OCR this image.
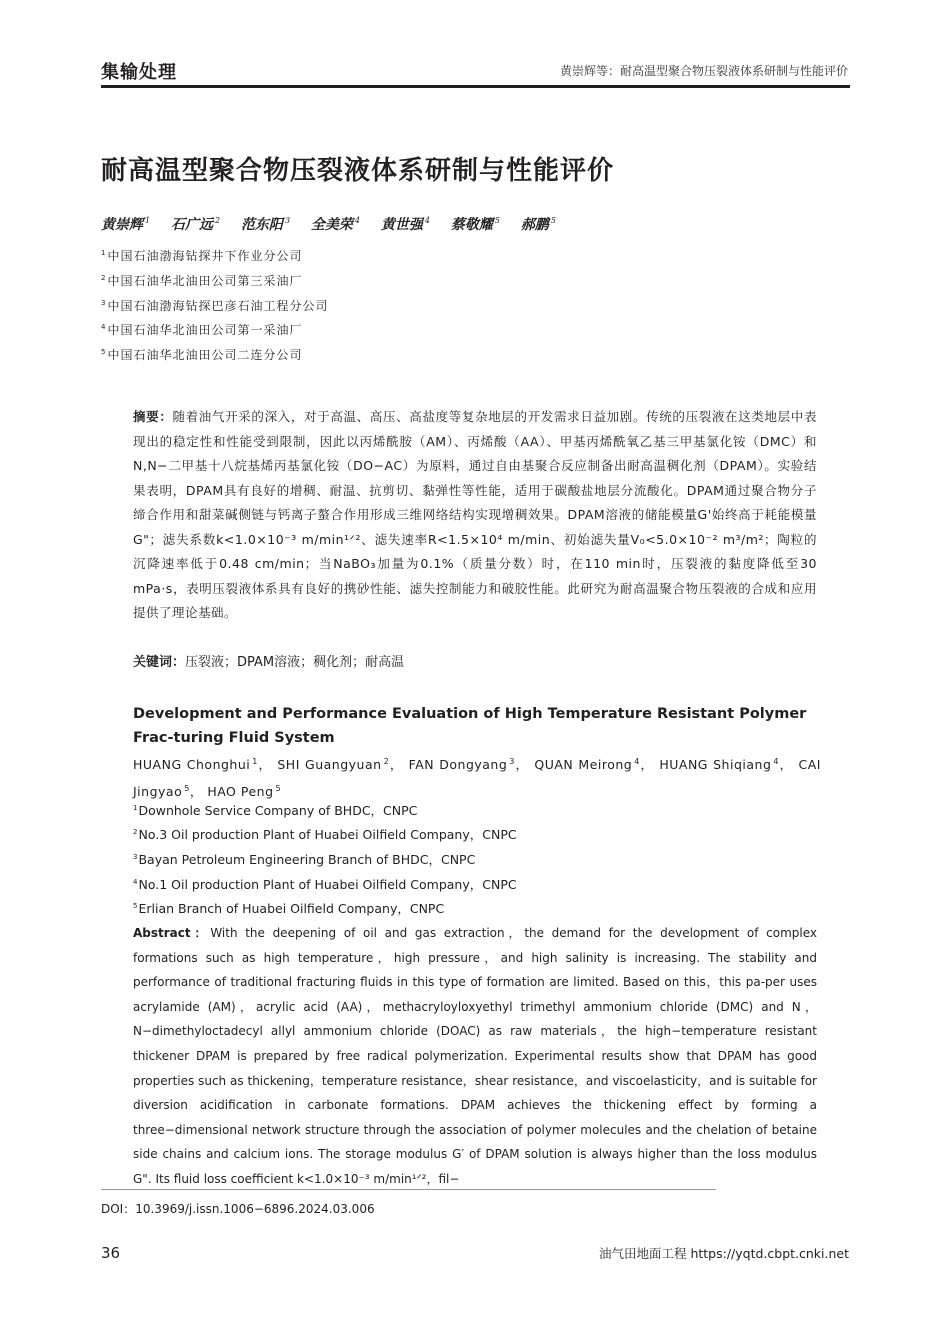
集输处理	黄崇辉等：耐高温型聚合物压裂液体系研制与性能评价
耐高温型聚合物压裂液体系研制与性能评价
黄崇辉 $^1$ 石广远 $^2$ 范东阳 $^3$ 全美荣 $^4$ 黄世强 $^4$ 蔡敬耀 $^5$ 郝鹏 $^5$
$^1$中国石油渤海钻探井下作业分公司
$^2$中国石油华北油田公司第三采油厂
$^3$中国石油渤海钻探巴彦石油工程分公司
$^4$中国石油华北油田公司第一采油厂
$^5$中国石油华北油田公司二连分公司
摘要：随着油气开采的深入，对于高温、高压、高盐度等复杂地层的开发需求日益加剧。传统的压裂液在这类地层中表现出的稳定性和性能受到限制，因此以丙烯酰胺（AM）、丙烯酸（AA）、甲基丙烯酰氧乙基三甲基氯化铵（DMC）和N,N−二甲基十八烷基烯丙基氯化铵（DO−AC）为原料，通过自由基聚合反应制备出耐高温稠化剂（DPAM）。实验结果表明，DPAM具有良好的增稠、耐温、抗剪切、黏弹性等性能，适用于碳酸盐地层分流酸化。DPAM通过聚合物分子缔合作用和甜菜碱侧链与钙离子螯合作用形成三维网络结构实现增稠效果。DPAM溶液的储能模量G'始终高于耗能模量G"；滤失系数k<1.0×10⁻³ m/min¹ᐟ²、滤失速率R<1.5×10⁴ m/min、初始滤失量V₀<5.0×10⁻² m³/m²；陶粒的沉降速率低于0.48 cm/min；当NaBO₃加量为0.1%（质量分数）时，在110 min时，压裂液的黏度降低至30 mPa·s，表明压裂液体系具有良好的携砂性能、滤失控制能力和破胶性能。此研究为耐高温聚合物压裂液的合成和应用提供了理论基础。
关键词：压裂液；DPAM溶液；稠化剂；耐高温
Development and Performance Evaluation of High Temperature Resistant Polymer Frac-turing Fluid System
HUANG Chonghui $^1$， SHI Guangyuan $^2$， FAN Dongyang $^3$， QUAN Meirong $^4$， HUANG Shiqiang $^4$， CAI Jingyao $^5$， HAO Peng $^5$
$^1$Downhole Service Company of BHDC，CNPC
$^2$No.3 Oil production Plant of Huabei Oilfield Company，CNPC
$^3$Bayan Petroleum Engineering Branch of BHDC，CNPC
$^4$No.1 Oil production Plant of Huabei Oilfield Company，CNPC
$^5$Erlian Branch of Huabei Oilfield Company，CNPC
Abstract：With the deepening of oil and gas extraction，the demand for the development of complex formations such as high temperature，high pressure，and high salinity is increasing. The stability and performance of traditional fracturing fluids in this type of formation are limited. Based on this，this pa-per uses acrylamide (AM)，acrylic acid (AA)，methacryloyloxyethyl trimethyl ammonium chloride (DMC) and N，N−dimethyloctadecyl allyl ammonium chloride (DOAC) as raw materials，the high−temperature resistant thickener DPAM is prepared by free radical polymerization. Experimental results show that DPAM has good properties such as thickening，temperature resistance，shear resistance，and viscoelasticity，and is suitable for diversion acidification in carbonate formations. DPAM achieves the thickening effect by forming a three−dimensional network structure through the association of polymer molecules and the chelation of betaine side chains and calcium ions. The storage modulus G′ of DPAM solution is always higher than the loss modulus G". Its fluid loss coefficient k<1.0×10⁻³ m/min¹ᐟ²，fil−
DOI：10.3969/j.issn.1006−6896.2024.03.006
36	油气田地面工程 https://yqtd.cbpt.cnki.net
